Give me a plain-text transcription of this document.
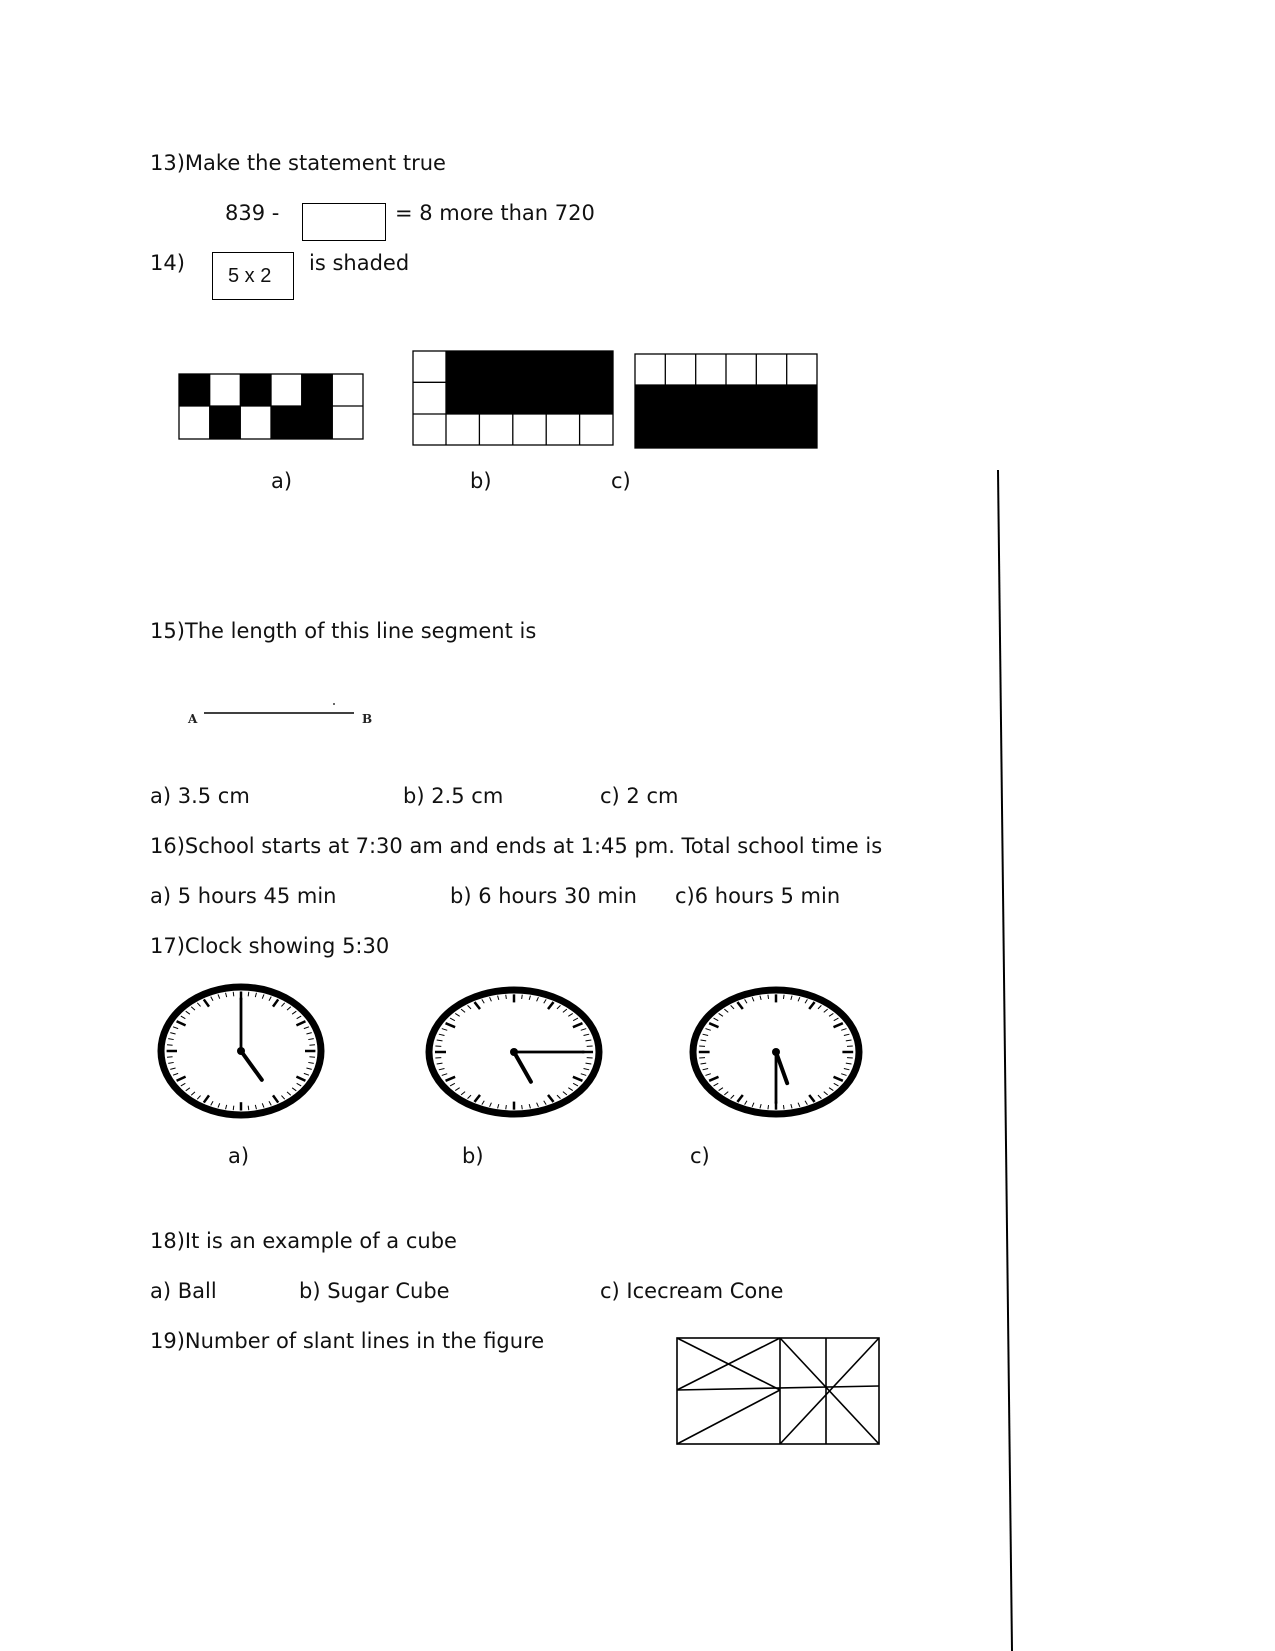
13)Make the statement true
839 -	= 8 more than 720
14)
5 x 2
is shaded
a)	b)	c)
15)The length of this line segment is
A	B
a) 3.5 cm	b) 2.5 cm	c) 2 cm
16)School starts at 7:30 am and ends at 1:45 pm. Total school time is
a) 5 hours 45 min	b) 6 hours 30 min c)6 hours 5 min
17)Clock showing 5:30
a)	b)	c)
18)It is an example of a cube
a) Ball	b) Sugar Cube	c) Icecream Cone
19)Number of slant lines in the figure
